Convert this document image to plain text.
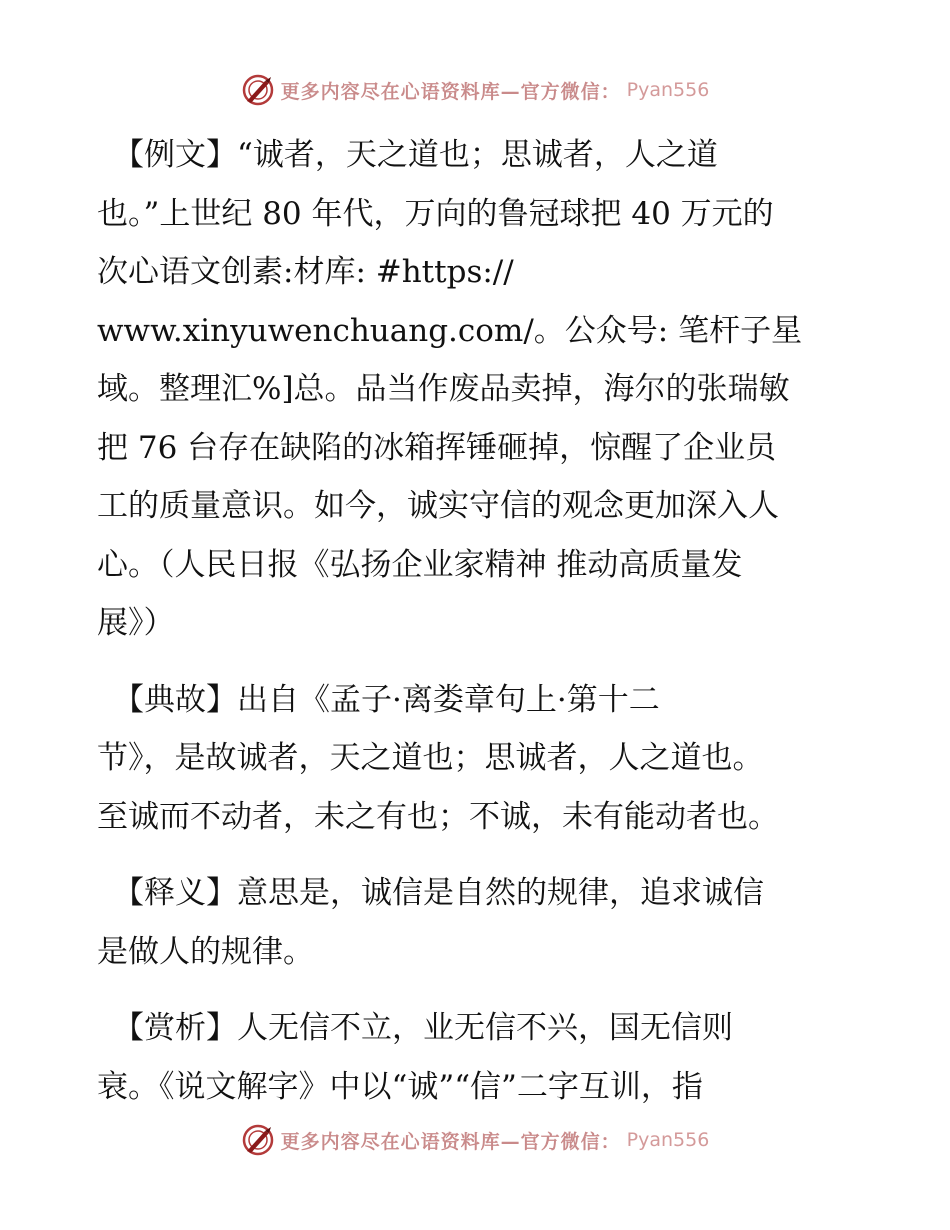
更多内容尽在心语资料库—官方微信： Pyan556
【例文】“诚者，天之道也；思诚者，人之道
也。”上世纪 80 年代，万向的鲁冠球把 40 万元的
次心语文创素:材库: #https://
www.xinyuwenchuang.com/。公众号: 笔杆子星
域。整理汇%]总。品当作废品卖掉，海尔的张瑞敏
把 76 台存在缺陷的冰箱挥锤砸掉，惊醒了企业员
工的质量意识。如今，诚实守信的观念更加深入人
心。（人民日报《弘扬企业家精神 推动高质量发
展》）
【典故】出自《孟子·离娄章句上·第十二
节》，是故诚者，天之道也；思诚者，人之道也。
至诚而不动者，未之有也；不诚，未有能动者也。
【释义】意思是，诚信是自然的规律，追求诚信
是做人的规律。
【赏析】人无信不立，业无信不兴，国无信则
衰。《说文解字》中以“诚”“信”二字互训，指
更多内容尽在心语资料库—官方微信： Pyan556
